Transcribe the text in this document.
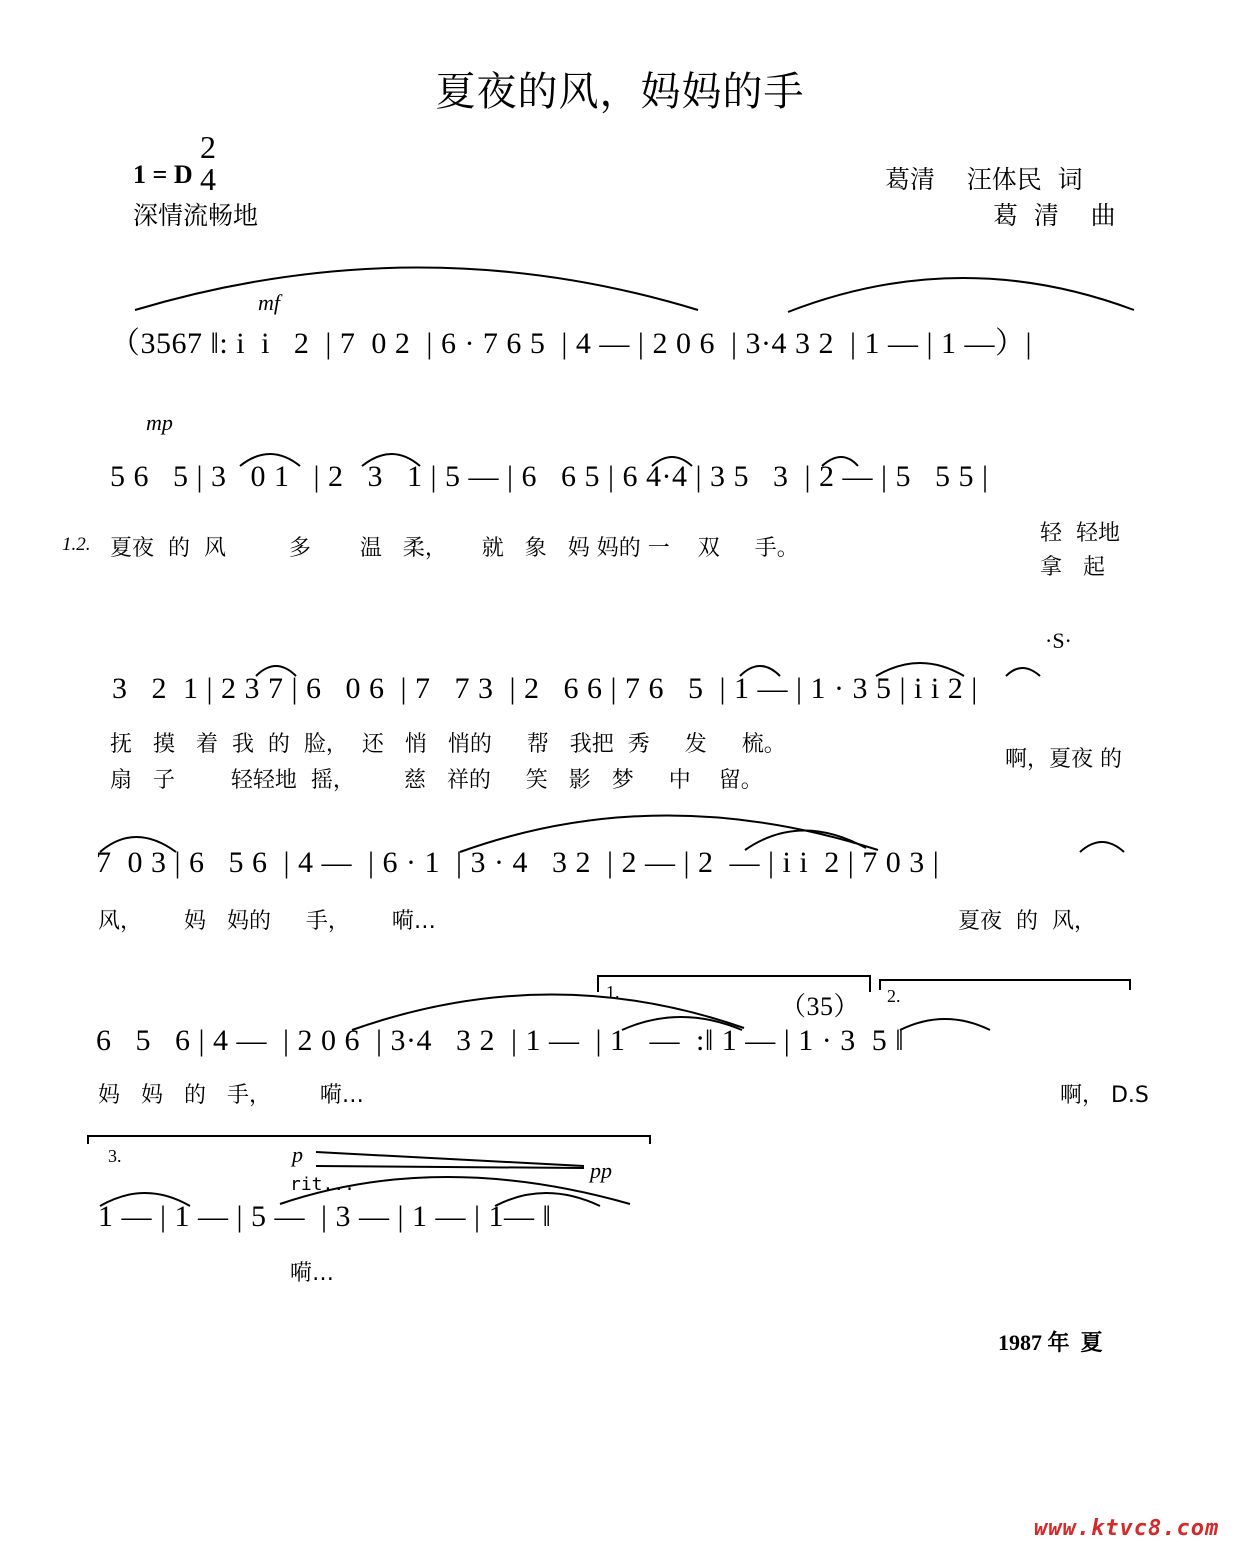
夏夜的风，妈妈的手
1 = D
2
4
深情流畅地
葛清    汪体民  词
葛  清    曲
mf
（3567 ‖: i  i   2  | 7  0 2  | 6 · 7 6 5  | 4 — | 2 0 6  | 3·4 3 2  | 1 — | 1 —）|
mp
5 6   5 | 3   0 1   | 2   3   1 | 5 — | 6   6 5 | 6 4·4 | 3 5   3  | 2 — | 5   5 5 |
1.2. 夏夜  的  风         多       温   柔，     就   象   妈 妈的 一    双     手。
轻  轻地
拿   起
·S·
3   2  1 | 2 3 7 | 6   0 6  | 7   7 3  | 2   6 6 | 7 6   5  | 1 — | 1 · 3 5 | i i 2 |
抚   摸   着  我  的  脸，  还   悄   悄的     帮   我把  秀     发     梳。
扇   子        轻轻地  摇，       慈   祥的     笑   影   梦     中    留。
啊，夏夜 的
7  0 3 | 6   5 6  | 4 —  | 6 · 1  | 3 · 4   3 2  | 2 — | 2  — | i i  2 | 7 0 3 |
风，      妈   妈的     手，      嗬…	夏夜  的  风，
1.	2.
（35）
6   5   6 | 4 —  | 2 0 6  | 3·4   3 2  | 1 —  | 1   —  :‖ 1 — | 1 · 3  5 ‖
妈   妈   的   手，       嗬…	啊， D.S
3.	p
pp
rit...
1 — | 1 — | 5 —  | 3 — | 1 — | 1— ‖
嗬…
1987 年  夏
www.ktvc8.com
